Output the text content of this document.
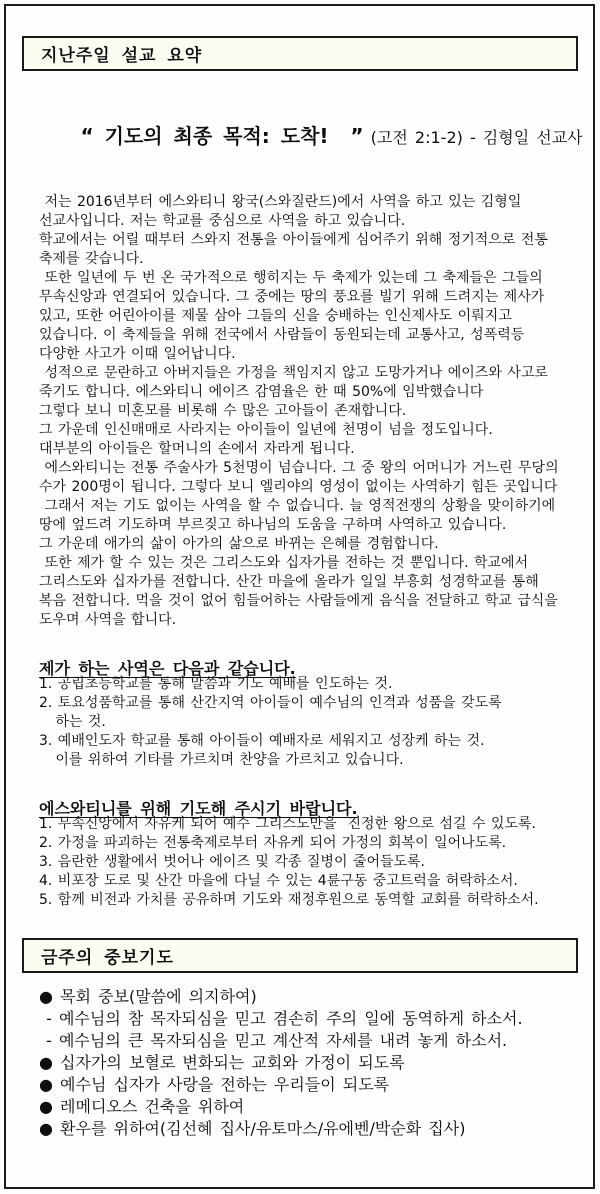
지난주일 설교 요약

“ 기도의 최종 목적: 도착!  ” (고전 2:1-2) - 김형일 선교사

저는 2016년부터 에스와티니 왕국(스와질란드)에서 사역을 하고 있는 김형일
선교사입니다. 저는 학교를 중심으로 사역을 하고 있습니다.
학교에서는 어릴 때부터 스와지 전통을 아이들에게 심어주기 위해 정기적으로 전통
축제를 갖습니다.
또한 일년에 두 번 온 국가적으로 행히지는 두 축제가 있는데 그 축제들은 그들의
무속신앙과 연결되어 있습니다. 그 중에는 땅의 풍요를 빌기 위해 드려지는 제사가
있고, 또한 어린아이를 제물 삼아 그들의 신을 숭배하는 인신제사도 이뤄지고
있습니다. 이 축제들을 위해 전국에서 사람들이 동원되는데 교통사고, 성폭력등
다양한 사고가 이때 일어납니다.
성적으로 문란하고 아버지들은 가정을 책임지지 않고 도망가거나 에이즈와 사고로
죽기도 합니다. 에스와티니 에이즈 감염율은 한 때 50%에 임박했습니다
그렇다 보니 미혼모를 비롯해 수 많은 고아들이 존재합니다.
그 가운데 인신매매로 사라지는 아이들이 일년에 천명이 넘을 정도입니다.
대부분의 아이들은 할머니의 손에서 자라게 됩니다.
에스와티니는 전통 주술사가 5천명이 넘습니다. 그 중 왕의 어머니가 거느린 무당의
수가 200명이 됩니다. 그렇다 보니 엘리야의 영성이 없이는 사역하기 힘든 곳입니다
그래서 저는 기도 없이는 사역을 할 수 없습니다. 늘 영적전쟁의 상황을 맞이하기에
땅에 엎드려 기도하며 부르짖고 하나님의 도움을 구하며 사역하고 있습니다.
그 가운데 애가의 삶이 아가의 삶으로 바뀌는 은혜를 경험합니다.
또한 제가 할 수 있는 것은 그리스도와 십자가를 전하는 것 뿐입니다. 학교에서
그리스도와 십자가를 전합니다. 산간 마을에 올라가 일일 부흥회 성경학교를 통해
복음 전합니다. 먹을 것이 없어 힘들어하는 사람들에게 음식을 전달하고 학교 급식을
도우며 사역을 합니다.
제가 하는 사역은 다음과 같습니다.
1. 공립초등학교를 통해 말씀과 기도 예배를 인도하는 것.
2. 토요성품학교를 통해 산간지역 아이들이 예수님의 인격과 성품을 갖도록
하는 것.
3. 예배인도자 학교를 통해 아이들이 예배자로 세워지고 성장케 하는 것.
이를 위하여 기타를 가르치며 찬양을 가르치고 있습니다.
에스와티니를 위해 기도해 주시기 바랍니다.
1. 무속신앙에서 자유케 되어 예수 그리스도만을  진정한 왕으로 섬길 수 있도록.
2. 가정을 파괴하는 전통축제로부터 자유케 되어 가정의 회복이 일어나도록.
3. 음란한 생활에서 벗어나 에이즈 및 각종 질병이 줄어들도록.
4. 비포장 도로 및 산간 마을에 다닐 수 있는 4륜구동 중고트럭을 허락하소서.
5. 함께 비전과 가치를 공유하며 기도와 재정후원으로 동역할 교회를 허락하소서.
금주의 중보기도
● 목회 중보(말씀에 의지하여)
- 예수님의 참 목자되심을 믿고 겸손히 주의 일에 동역하게 하소서.
- 예수님의 큰 목자되심을 믿고 계산적 자세를 내려 놓게 하소서.
● 십자가의 보혈로 변화되는 교회와 가정이 되도록
● 예수님 십자가 사랑을 전하는 우리들이 되도록
● 레메디오스 건축을 위하여
● 환우를 위하여(김선혜 집사/유토마스/유에벤/박순화 집사)
